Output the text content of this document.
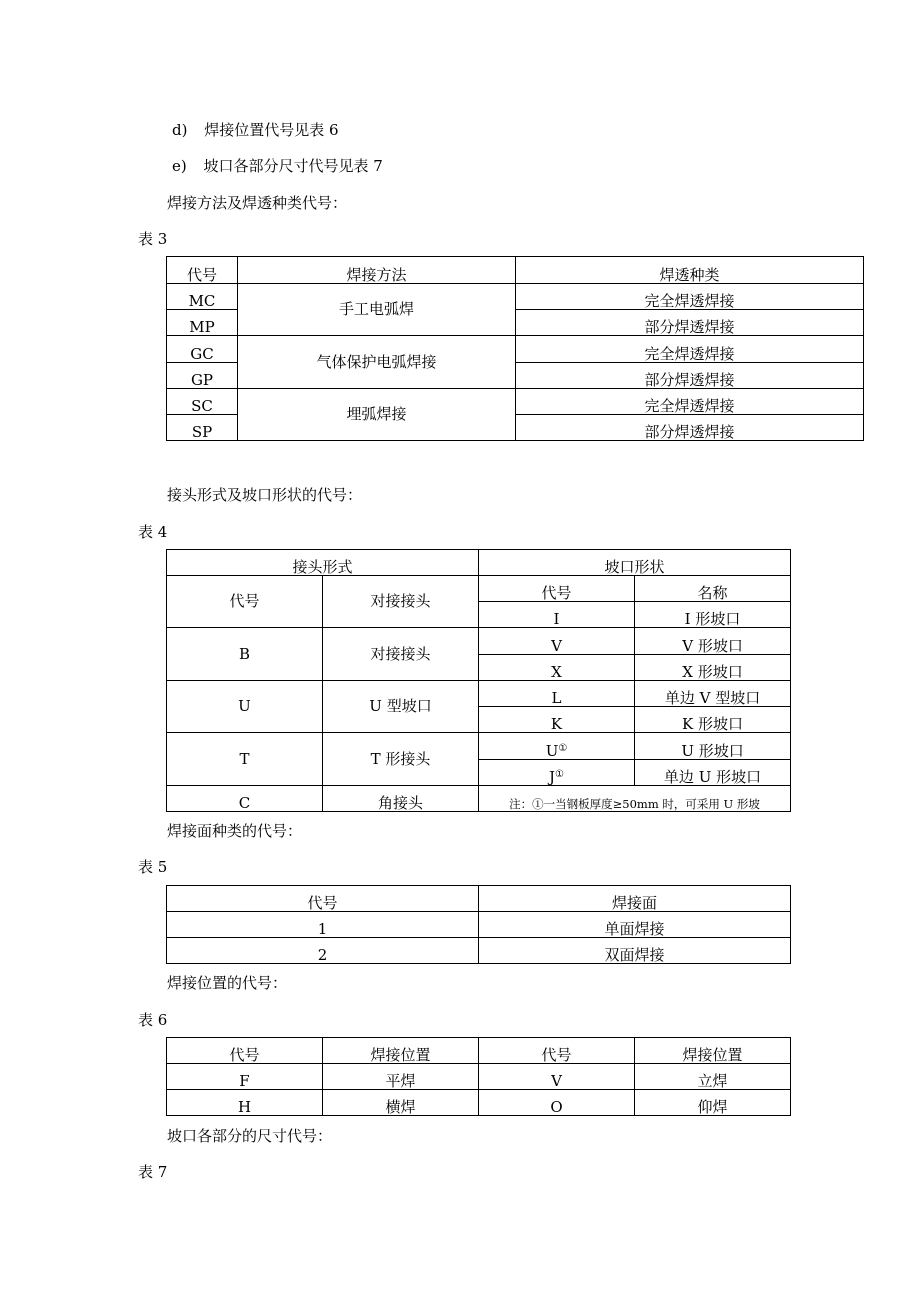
d) 焊接位置代号见表 6
e) 坡口各部分尺寸代号见表 7
焊接方法及焊透种类代号：
表 3
代号	焊接方法	焊透种类
MC	手工电弧焊	完全焊透焊接
MP		部分焊透焊接
GC	气体保护电弧焊接	完全焊透焊接
GP		部分焊透焊接
SC	埋弧焊接	完全焊透焊接
SP		部分焊透焊接
接头形式及坡口形状的代号：
表 4
接头形式		坡口形状	
代号	对接接头	代号	名称
		I	I 形坡口
B	对接接头	V	V 形坡口
		X	X 形坡口
U	U 型坡口	L	单边 V 型坡口
		K	K 形坡口
T	T 形接头	U①	U 形坡口
		J①	单边 U 形坡口
C	角接头	注：①一当钢板厚度≥50mm 时，可采用 U 形坡	
焊接面种类的代号：
表 5
代号	焊接面
1	单面焊接
2	双面焊接
焊接位置的代号：
表 6
代号	焊接位置	代号	焊接位置
F	平焊	V	立焊
H	横焊	O	仰焊
坡口各部分的尺寸代号：
表 7
